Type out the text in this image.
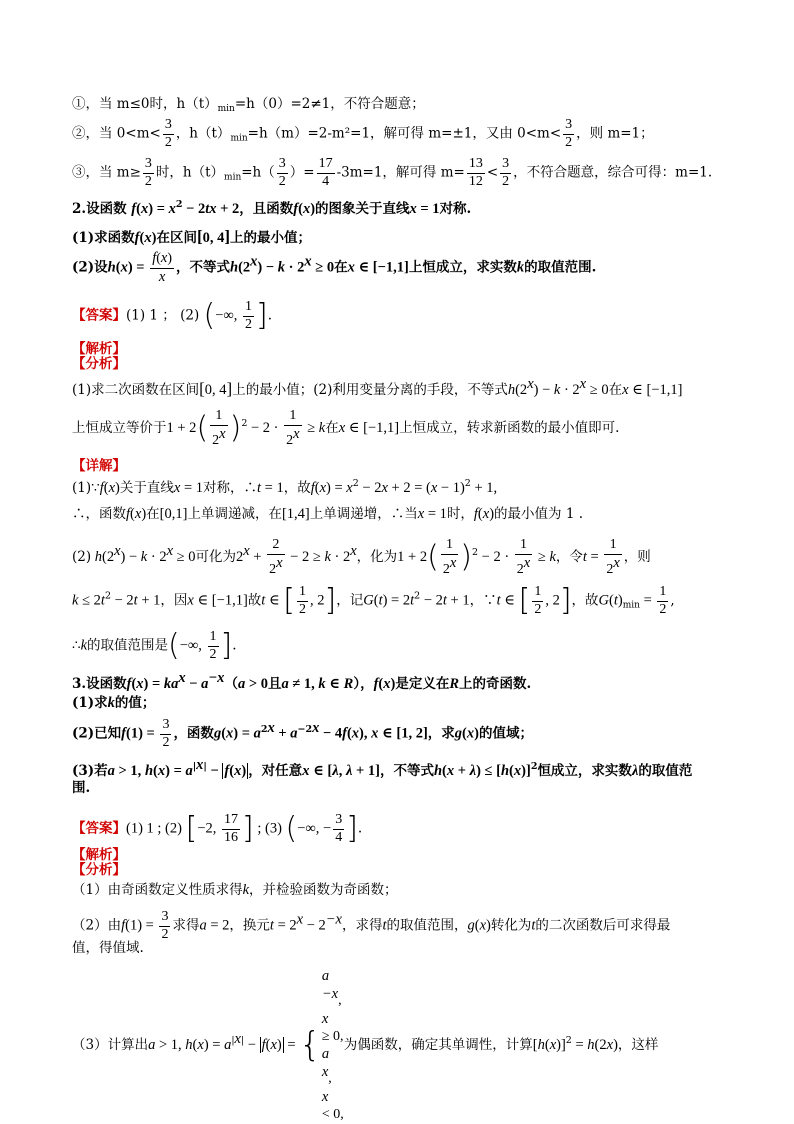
①，当 m≤0时，$h(t)_{min}=h(0)=2\ne 1$，不符合题意；
②，当 $0<m< \frac{3}{2}$ ，$h(t)_{min}=h(m)=2-m^2=1$，解可得 m=±1，又由 $0<m< \frac{3}{2}$ ，则 m=1；
③，当 $m\ge \frac{3}{2}$ 时，$h(t)_{min}=h( \frac{3}{2}$ ）= $\frac{17}{4} -3m=1$，解可得 $m= \frac{13}{12} < \frac{3}{2}$ ，不符合题意，综合可得：m=1.
2.设函数 $f(x) = x^2 - 2tx + 2$，且函数f(x)的图象关于直线x = 1对称.
(1)求函数f(x)在区间[0, 4]上的最小值；
(2)设$h(x) = \frac{f(x)}{x}$ ，不等式$h(2^x) - k \cdot 2^x \ge 0$在x ∈ [−1,1]上恒成立，求实数k的取值范围.
【答案】(1) 1 ； (2) (−∞, $\frac{1}{2}$ ].
【解析】
【分析】
(1)求二次函数在区间[0, 4]上的最小值；(2)利用变量分离的手段，不等式$h(2^x) - k \cdot 2^x \ge 0$在x ∈ [−1,1]
上恒成立等价于$1 + 2( \frac{1}{2^x} )^2 - 2 \cdot \frac{1}{2^x} \ge k$在x ∈ [−1,1]上恒成立，转求新函数的最小值即可.
【详解】
(1)∵f(x)关于直线x = 1对称，∴t = 1，故$f(x) = x^2 - 2x + 2 = (x - 1)^2 + 1$,
∴，函数f(x)在[0,1]上单调递减，在[1,4]上单调递增，∴当x = 1时，f(x)的最小值为 1 .
(2) $h(2^x) - k \cdot 2^x \ge 0$可化为$2^x + \frac{2}{2^x} - 2 \ge k \cdot 2^x$，化为$1 + 2( \frac{1}{2^x} )^2 - 2 \cdot \frac{1}{2^x} \ge k$，令$t = \frac{1}{2^x}$ ，则
$k \le 2t^2 - 2t + 1$，因x ∈ [−1,1]故t ∈ [ $\frac{1}{2}$ , 2]，记$G(t) = 2t^2 - 2t + 1$，∵t ∈ [ $\frac{1}{2}$ , 2]，故$G(t)_{min} = \frac{1}{2}$ ,
∴k的取值范围是(−∞, $\frac{1}{2}$ ].
3.设函数$f(x) = ka^x - a^{-x}(a > 0$且a ≠ 1, k ∈ R），f(x)是定义在R上的奇函数.
(1)求k的值；
(2)已知$f(1) = \frac{3}{2}$ ，函数$g(x) = a^{2x} + a^{-2x} - 4f(x)$, x ∈ [1, 2]，求g(x)的值域；
(3)若a > 1, $h(x) = a^{|x|} - f(x)$ ，对任意x ∈ [λ, λ + 1]，不等式$h(x + \lambda) \le [h(x)]^2$恒成立，求实数λ的取值范
围.
【答案】(1) 1 ; (2) [−2, $\frac{17}{16}$ ] ; (3) (−∞, − $\frac{3}{4}$ ].
【解析】
【分析】
（1）由奇函数定义性质求得k，并检验函数为奇函数；
（2）由$f(1) = \frac{3}{2}$ 求得a = 2，换元$t = 2^x - 2^{-x}$，求得t的取值范围，g(x)转化为t的二次函数后可求得最
值，得值域.
（3）计算出a > 1, $h(x) = a^{|x|} - f(x)$ = {
a
$^{-x}$,
x
≥ 0,
a
$^x$,
x
< 0,
为偶函数，确定其单调性，计算$[h(x)]^2 = h(2x)$，这样
